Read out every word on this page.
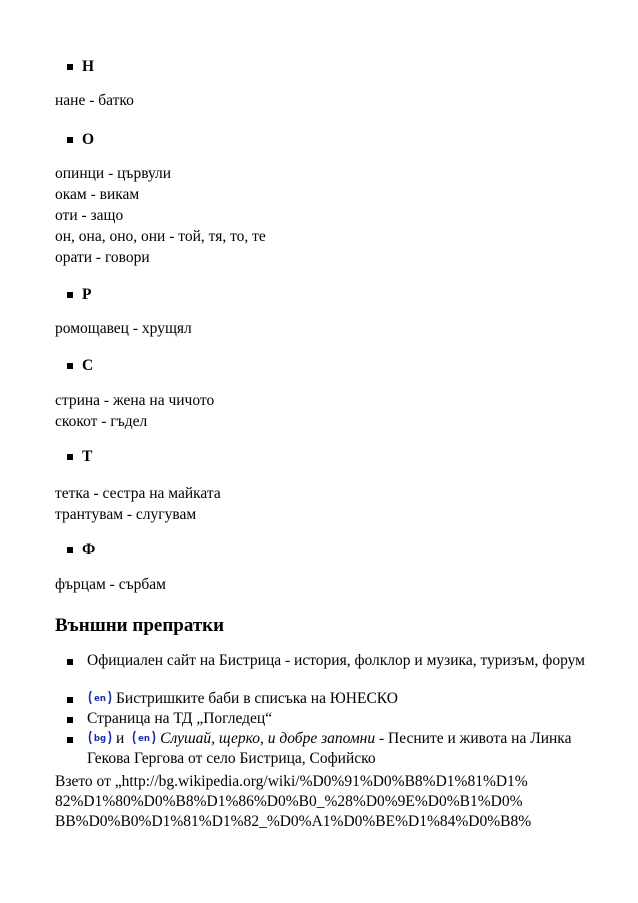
Н
нане - батко
О
опинци - цървули
окам - викам
оти - защо
он, она, оно, они - той, тя, то, те
орати - говори
Р
ромощавец - хрущял
С
стрина - жена на чичото
скокот - гъдел
Т
тетка - сестра на майката
трантувам - слугувам
Ф
фърцам - сърбам
Външни препратки
Официален сайт на Бистрица - история, фолклор и музика, туризъм, форум
en Бистришките баби в списъка на ЮНЕСКО
Страница на ТД „Погледец“
bg и en Слушай, щерко, и добре запомни - Песните и живота на Линка Гекова Гергова от село Бистрица, Софийско
Взето от „http://bg.wikipedia.org/wiki/%D0%91%D0%B8%D1%81%D1%
82%D1%80%D0%B8%D1%86%D0%B0_%28%D0%9E%D0%B1%D0%
BB%D0%B0%D1%81%D1%82_%D0%A1%D0%BE%D1%84%D0%B8%
